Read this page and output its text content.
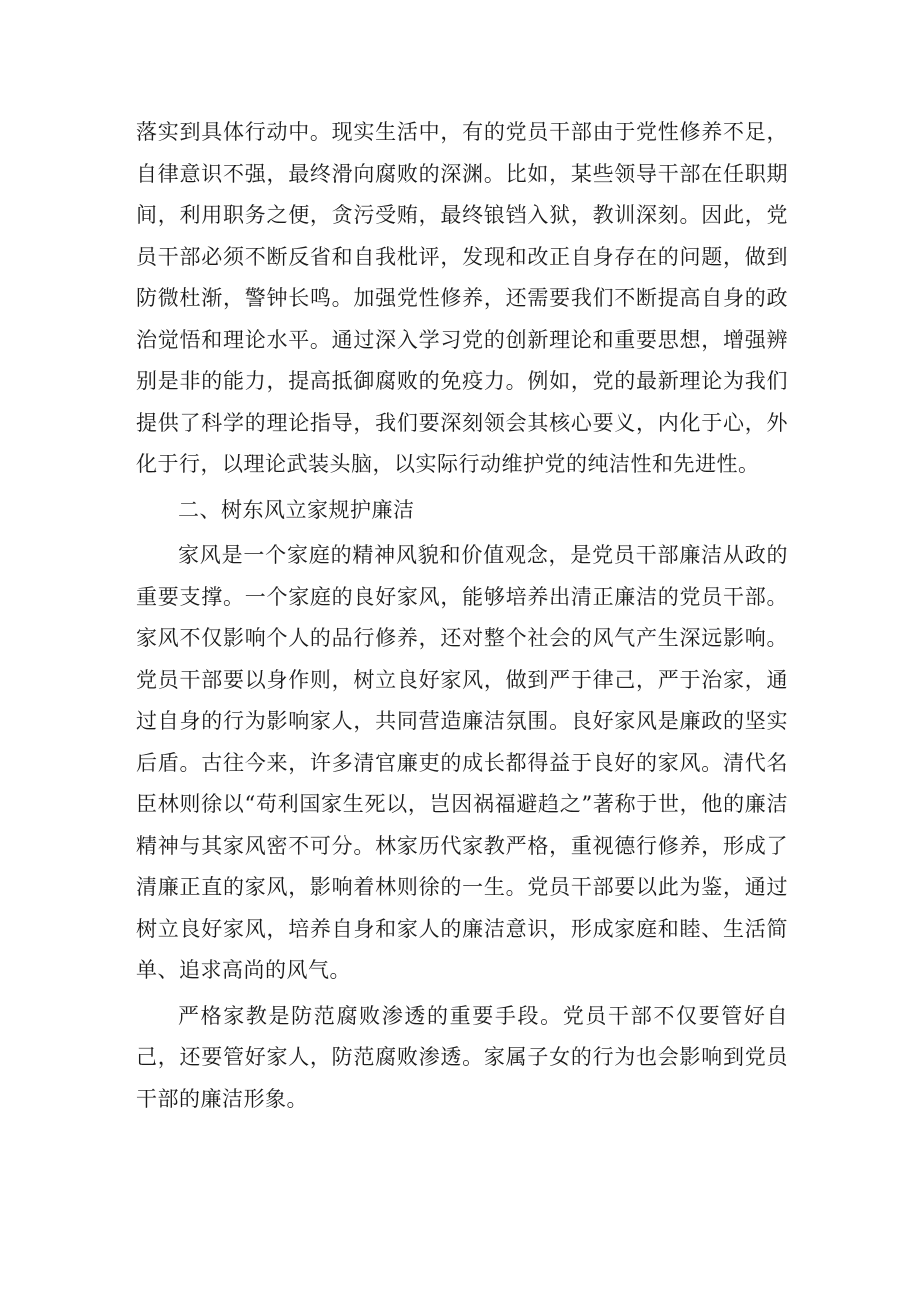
落实到具体行动中。现实生活中，有的党员干部由于党性修养不足，自律意识不强，最终滑向腐败的深渊。比如，某些领导干部在任职期间，利用职务之便，贪污受贿，最终锒铛入狱，教训深刻。因此，党员干部必须不断反省和自我枇评，发现和改正自身存在的问题，做到防微杜渐，警钟长鸣。加强党性修养，还需要我们不断提高自身的政治觉悟和理论水平。通过深入学习党的创新理论和重要思想，增强辨别是非的能力，提高抵御腐败的免疫力。例如，党的最新理论为我们提供了科学的理论指导，我们要深刻领会其核心要义，内化于心，外化于行，以理论武装头脑，以实际行动维护党的纯洁性和先进性。

二、树东风立家规护廉洁

家风是一个家庭的精神风貌和价值观念，是党员干部廉洁从政的重要支撑。一个家庭的良好家风，能够培养出清正廉洁的党员干部。家风不仅影响个人的品行修养，还对整个社会的风气产生深远影响。党员干部要以身作则，树立良好家风，做到严于律己，严于治家，通过自身的行为影响家人，共同营造廉洁氛围。良好家风是廉政的坚实后盾。古往今来，许多清官廉吏的成长都得益于良好的家风。清代名臣林则徐以“苟利国家生死以，岂因祸福避趋之”著称于世，他的廉洁精神与其家风密不可分。林家历代家教严格，重视德行修养，形成了清廉正直的家风，影响着林则徐的一生。党员干部要以此为鉴，通过树立良好家风，培养自身和家人的廉洁意识，形成家庭和睦、生活简单、追求高尚的风气。

严格家教是防范腐败渗透的重要手段。党员干部不仅要管好自己，还要管好家人，防范腐败渗透。家属子女的行为也会影响到党员干部的廉洁形象。
